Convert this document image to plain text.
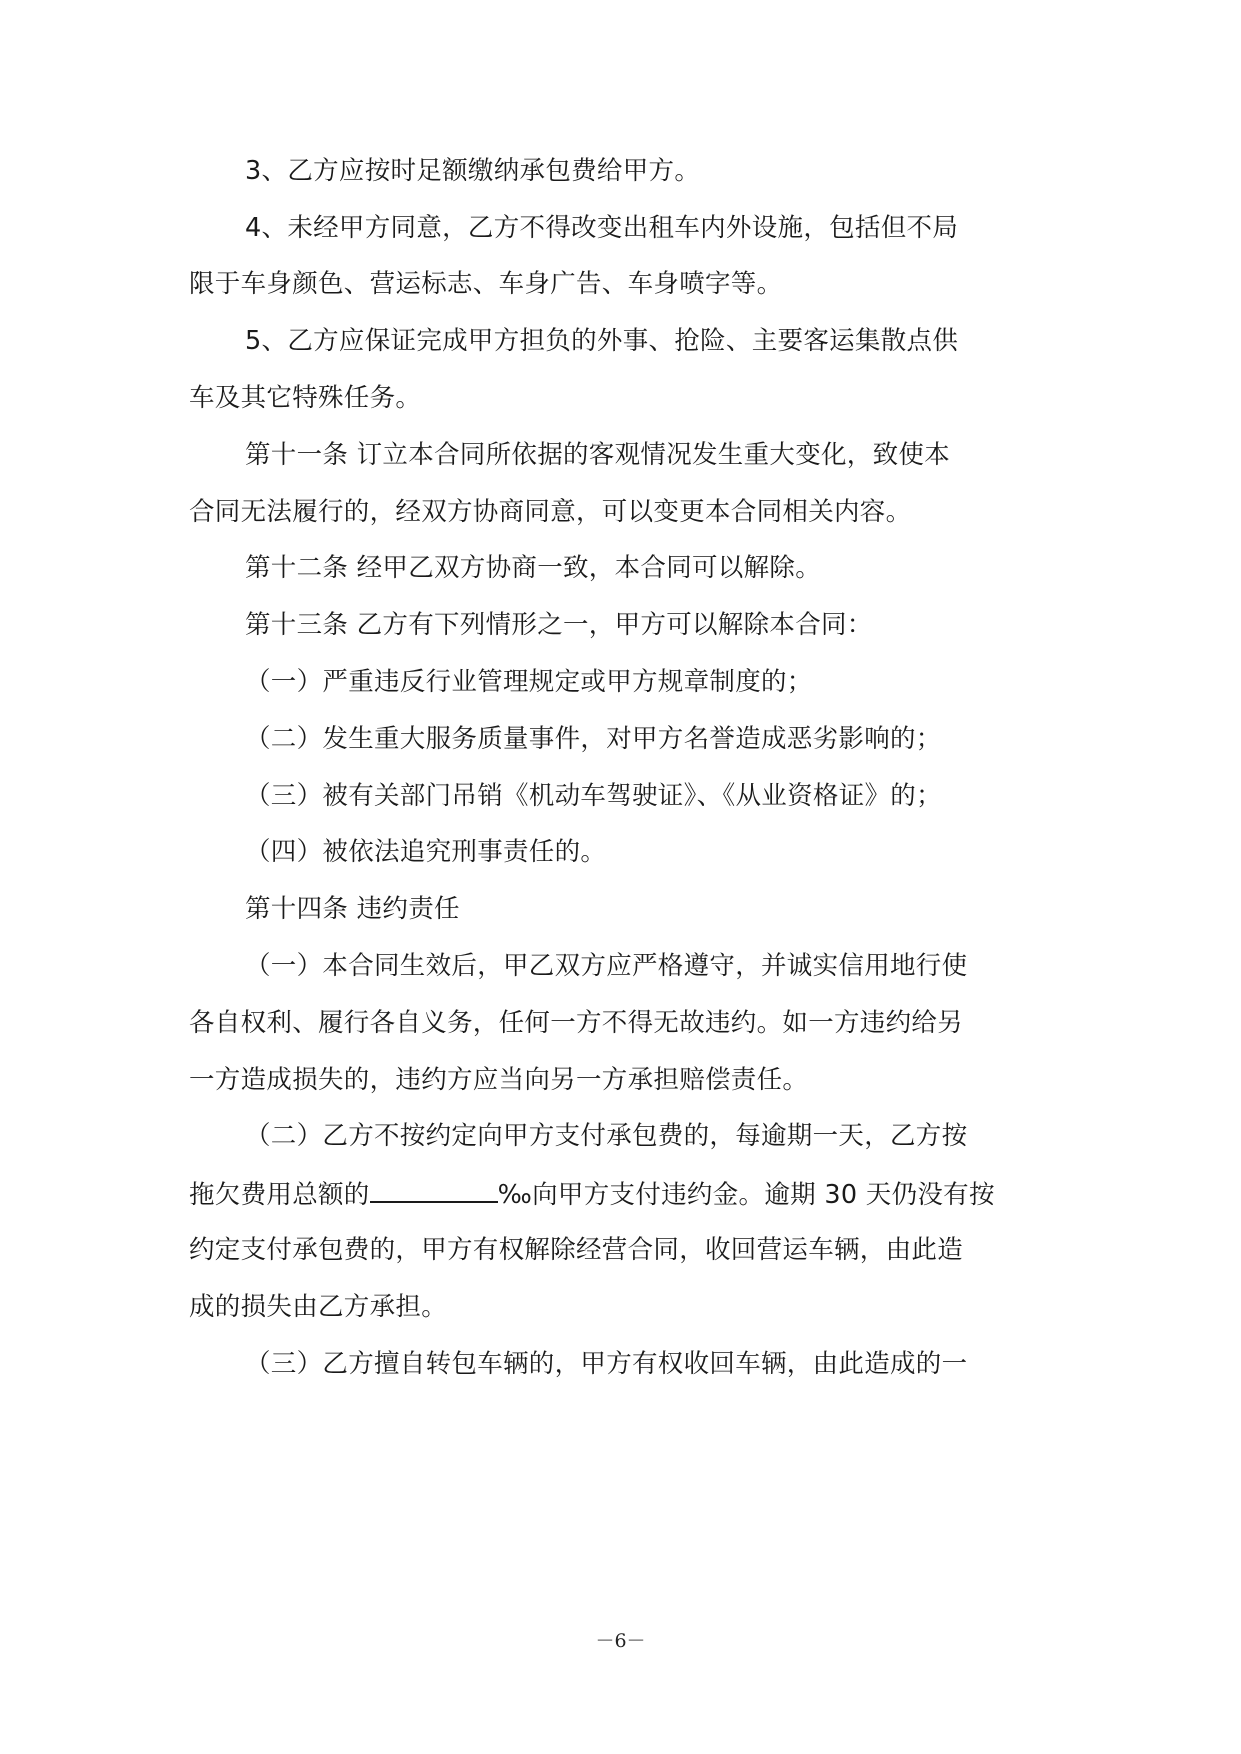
3、乙方应按时足额缴纳承包费给甲方。
4、未经甲方同意，乙方不得改变出租车内外设施，包括但不局
限于车身颜色、营运标志、车身广告、车身喷字等。
5、乙方应保证完成甲方担负的外事、抢险、主要客运集散点供
车及其它特殊任务。
第十一条 订立本合同所依据的客观情况发生重大变化，致使本
合同无法履行的，经双方协商同意，可以变更本合同相关内容。
第十二条 经甲乙双方协商一致，本合同可以解除。
第十三条 乙方有下列情形之一，甲方可以解除本合同：
（一）严重违反行业管理规定或甲方规章制度的；
（二）发生重大服务质量事件，对甲方名誉造成恶劣影响的；
（三）被有关部门吊销《机动车驾驶证》、《从业资格证》的；
（四）被依法追究刑事责任的。
第十四条 违约责任
（一）本合同生效后，甲乙双方应严格遵守，并诚实信用地行使
各自权利、履行各自义务，任何一方不得无故违约。如一方违约给另
一方造成损失的，违约方应当向另一方承担赔偿责任。
（二）乙方不按约定向甲方支付承包费的，每逾期一天，乙方按
拖欠费用总额的	‰向甲方支付违约金。逾期 30 天仍没有按
约定支付承包费的，甲方有权解除经营合同，收回营运车辆，由此造
成的损失由乙方承担。
（三）乙方擅自转包车辆的，甲方有权收回车辆，由此造成的一
－6－
